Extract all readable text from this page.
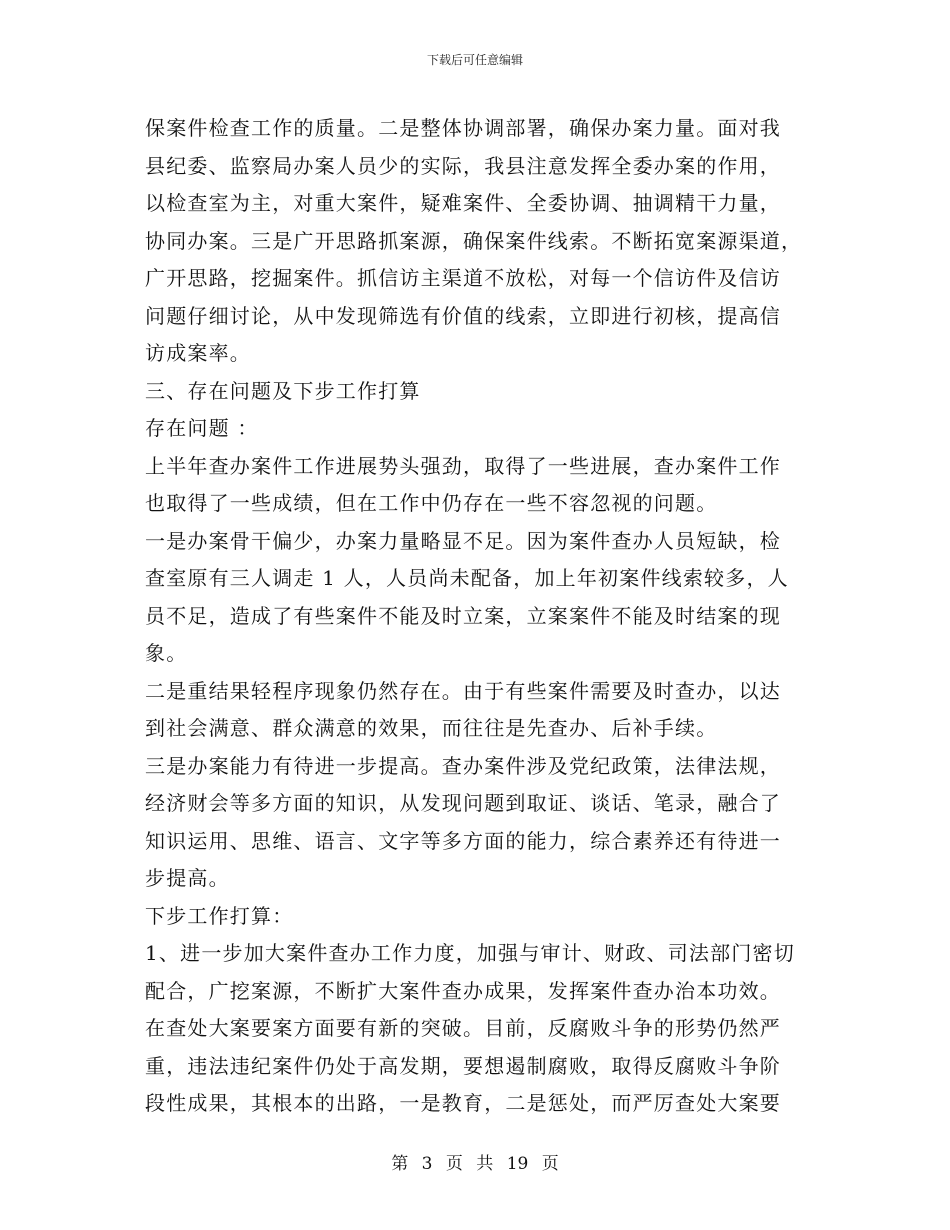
下载后可任意编辑
保案件检查工作的质量。二是整体协调部署，确保办案力量。面对我
县纪委、监察局办案人员少的实际，我县注意发挥全委办案的作用，
以检查室为主，对重大案件，疑难案件、全委协调、抽调精干力量，
协同办案。三是广开思路抓案源，确保案件线索。不断拓宽案源渠道，
广开思路，挖掘案件。抓信访主渠道不放松，对每一个信访件及信访
问题仔细讨论，从中发现筛选有价值的线索，立即进行初核，提高信
访成案率。
三、存在问题及下步工作打算
存在问题 ：
上半年查办案件工作进展势头强劲，取得了一些进展，查办案件工作
也取得了一些成绩，但在工作中仍存在一些不容忽视的问题。
一是办案骨干偏少，办案力量略显不足。因为案件查办人员短缺，检
查室原有三人调走 1 人，人员尚未配备，加上年初案件线索较多，人
员不足，造成了有些案件不能及时立案，立案案件不能及时结案的现
象。
二是重结果轻程序现象仍然存在。由于有些案件需要及时查办，以达
到社会满意、群众满意的效果，而往往是先查办、后补手续。
三是办案能力有待进一步提高。查办案件涉及党纪政策，法律法规，
经济财会等多方面的知识，从发现问题到取证、谈话、笔录，融合了
知识运用、思维、语言、文字等多方面的能力，综合素养还有待进一
步提高。
下步工作打算：
1、进一步加大案件查办工作力度，加强与审计、财政、司法部门密切
配合，广挖案源，不断扩大案件查办成果，发挥案件查办治本功效。
在查处大案要案方面要有新的突破。目前，反腐败斗争的形势仍然严
重，违法违纪案件仍处于高发期，要想遏制腐败，取得反腐败斗争阶
段性成果，其根本的出路，一是教育，二是惩处，而严厉查处大案要
第 3 页 共 19 页
